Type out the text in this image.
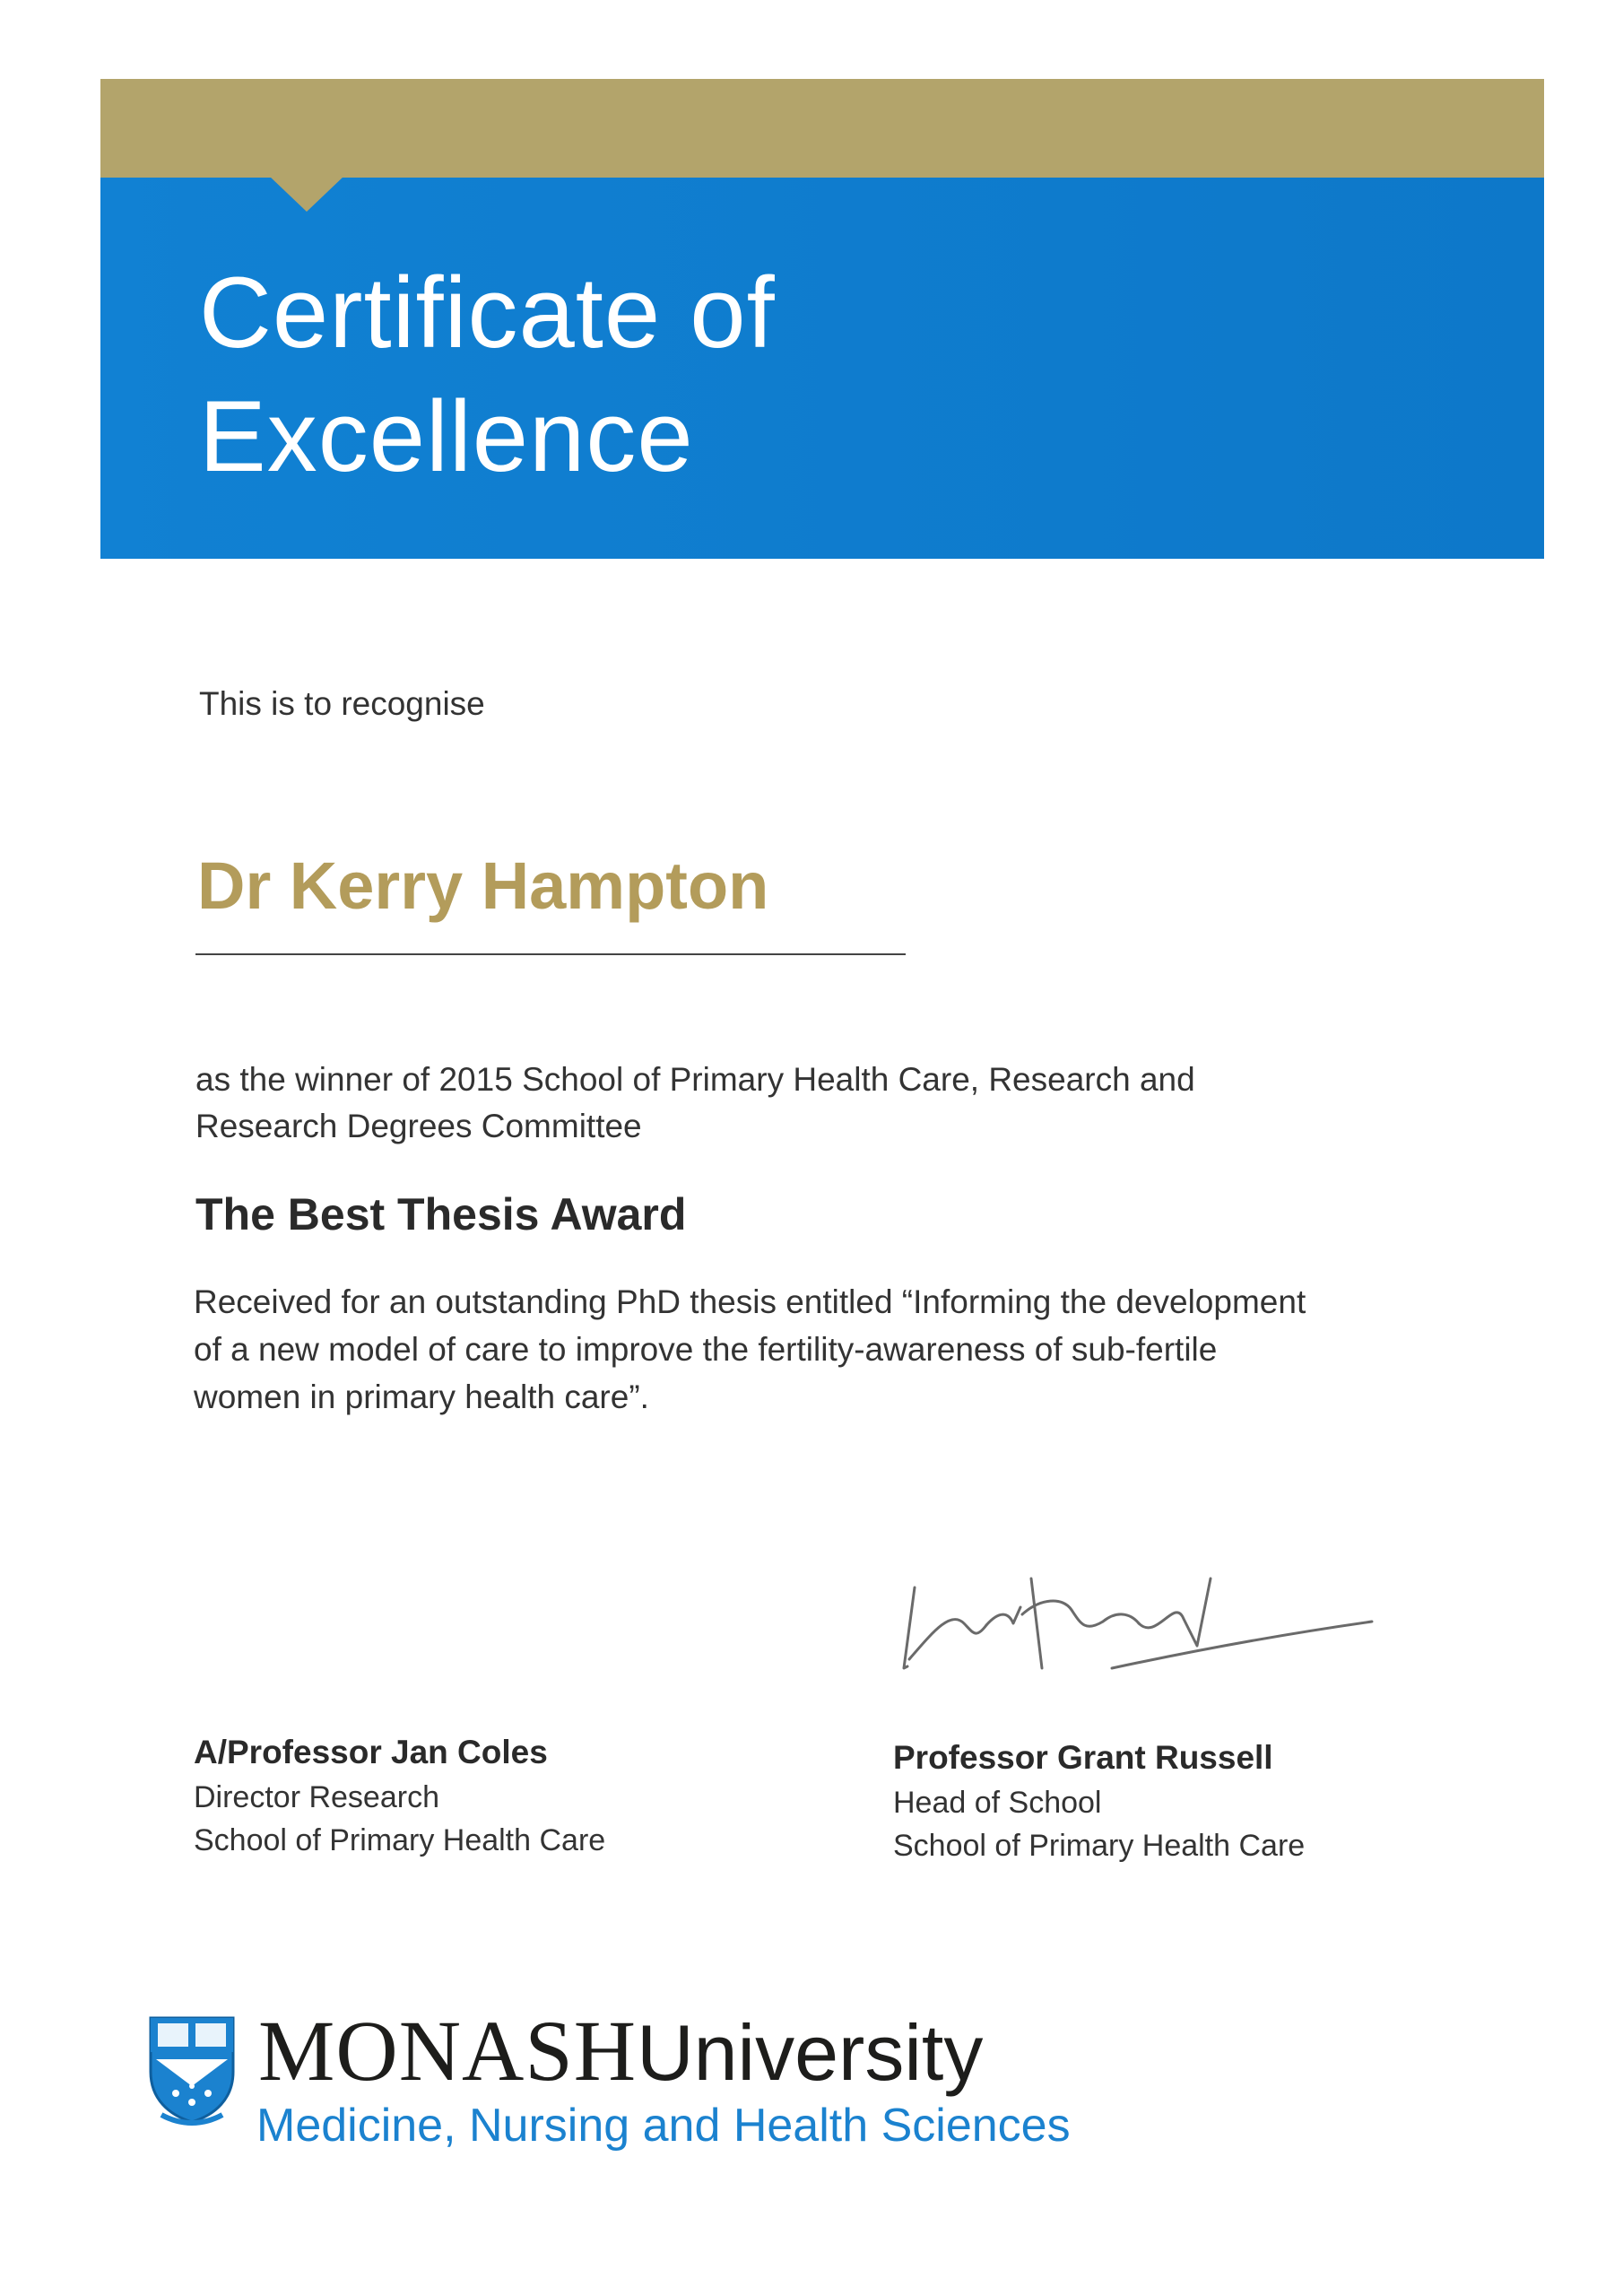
Certificate of
Excellence
This is to recognise
Dr Kerry Hampton
as the winner of 2015 School of Primary Health Care, Research and
Research Degrees Committee
The Best Thesis Award
Received for an outstanding PhD thesis entitled “Informing the development
of a new model of care to improve the fertility-awareness of sub-fertile
women in primary health care”.
A/Professor Jan Coles
Director Research
School of Primary Health Care
Professor Grant Russell
Head of School
School of Primary Health Care
MONASHUniversity
Medicine, Nursing and Health Sciences
